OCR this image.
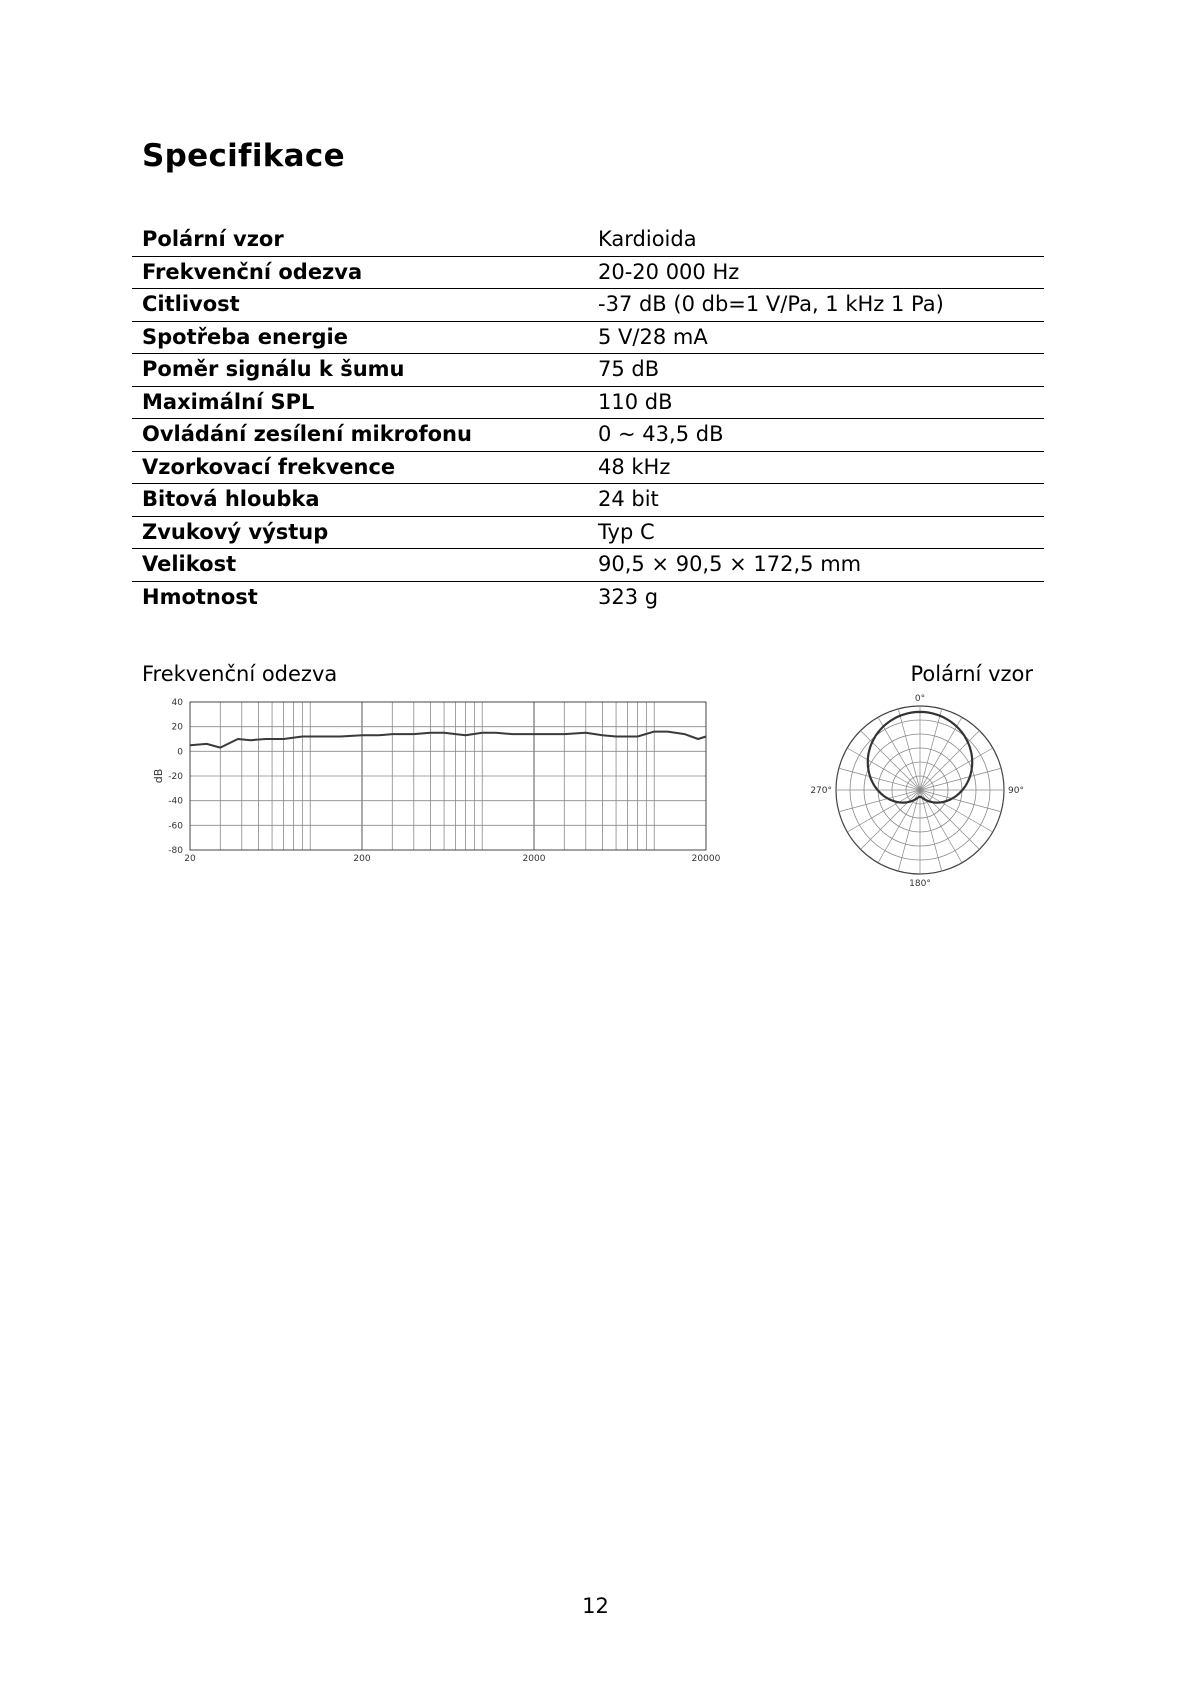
Specifikace
Polární vzor	Kardioida
Frekvenční odezva	20-20 000 Hz
Citlivost	-37 dB (0 db=1 V/Pa, 1 kHz 1 Pa)
Spotřeba energie	5 V/28 mA
Poměr signálu k šumu	75 dB
Maximální SPL	110 dB
Ovládání zesílení mikrofonu	0 ~ 43,5 dB
Vzorkovací frekvence	48 kHz
Bitová hloubka	24 bit
Zvukový výstup	Typ C
Velikost	90,5 × 90,5 × 172,5 mm
Hmotnost	323 g
Frekvenční odezva	Polární vzor
40
20
0
-20
-40
-60
-80
20	200	2000	20000
dB
0°
90°
180°
270°
12
